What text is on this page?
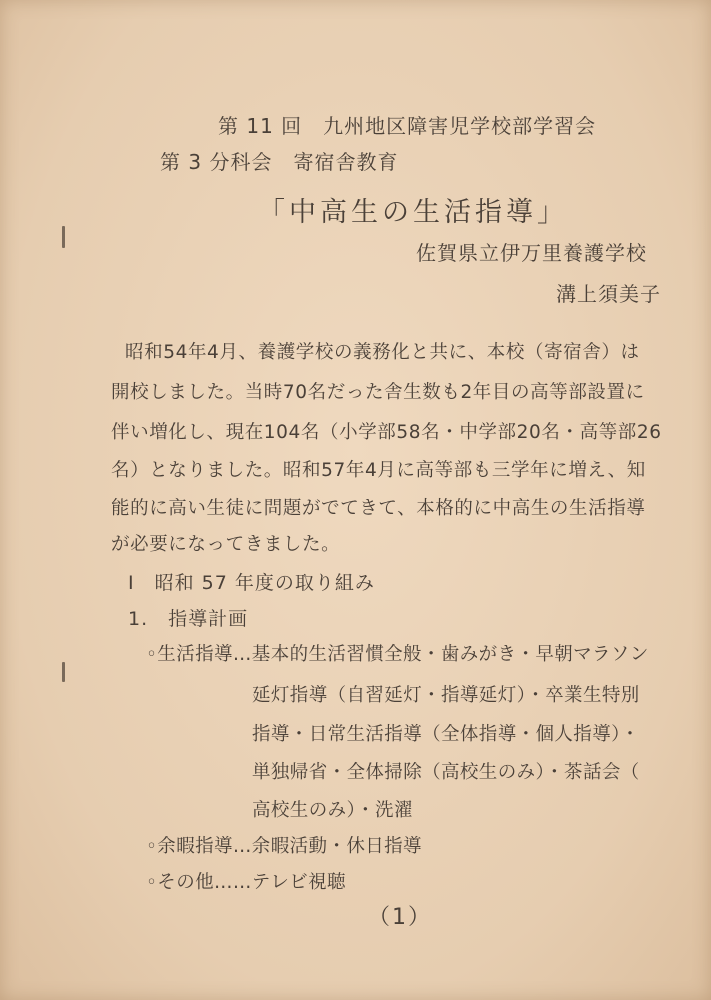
第 11 回　九州地区障害児学校部学習会
第 3 分科会　寄宿舎教育
「中高生の生活指導」
佐賀県立伊万里養護学校
溝上須美子
昭和54年4月、養護学校の義務化と共に、本校（寄宿舎）は
開校しました。当時70名だった舎生数も2年目の高等部設置に
伴い増化し、現在104名（小学部58名・中学部20名・高等部26
名）となりました。昭和57年4月に高等部も三学年に増え、知
能的に高い生徒に問題がでてきて、本格的に中高生の生活指導
が必要になってきました。
Ⅰ　昭和 57 年度の取り組み
1.　指導計画
◦生活指導…基本的生活習慣全般・歯みがき・早朝マラソン
延灯指導（自習延灯・指導延灯）・卒業生特別
指導・日常生活指導（全体指導・個人指導）・
単独帰省・全体掃除（高校生のみ）・茶話会（
高校生のみ）・洗濯
◦余暇指導…余暇活動・休日指導
◦その他……テレビ視聴
（1）
